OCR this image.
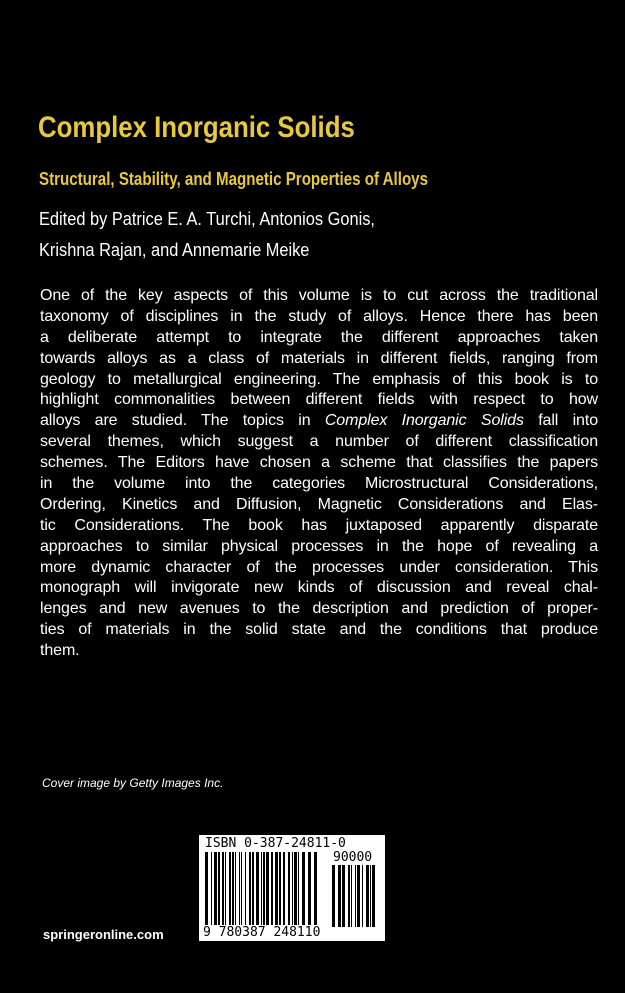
Complex Inorganic Solids
Structural, Stability, and Magnetic Properties of Alloys
Edited by Patrice E. A. Turchi, Antonios Gonis,
Krishna Rajan, and Annemarie Meike
One of the key aspects of this volume is to cut across the traditional
taxonomy of disciplines in the study of alloys. Hence there has been
a deliberate attempt to integrate the different approaches taken
towards alloys as a class of materials in different fields, ranging from
geology to metallurgical engineering. The emphasis of this book is to
highlight commonalities between different fields with respect to how
alloys are studied. The topics in Complex Inorganic Solids fall into
several themes, which suggest a number of different classification
schemes. The Editors have chosen a scheme that classifies the papers
in the volume into the categories Microstructural Considerations,
Ordering, Kinetics and Diffusion, Magnetic Considerations and Elas-
tic Considerations. The book has juxtaposed apparently disparate
approaches to similar physical processes in the hope of revealing a
more dynamic character of the processes under consideration. This
monograph will invigorate new kinds of discussion and reveal chal-
lenges and new avenues to the description and prediction of proper-
ties of materials in the solid state and the conditions that produce
them.
Cover image by Getty Images Inc.
ISBN 0-387-24811-0
90000
9 780387 248110
springeronline.com
